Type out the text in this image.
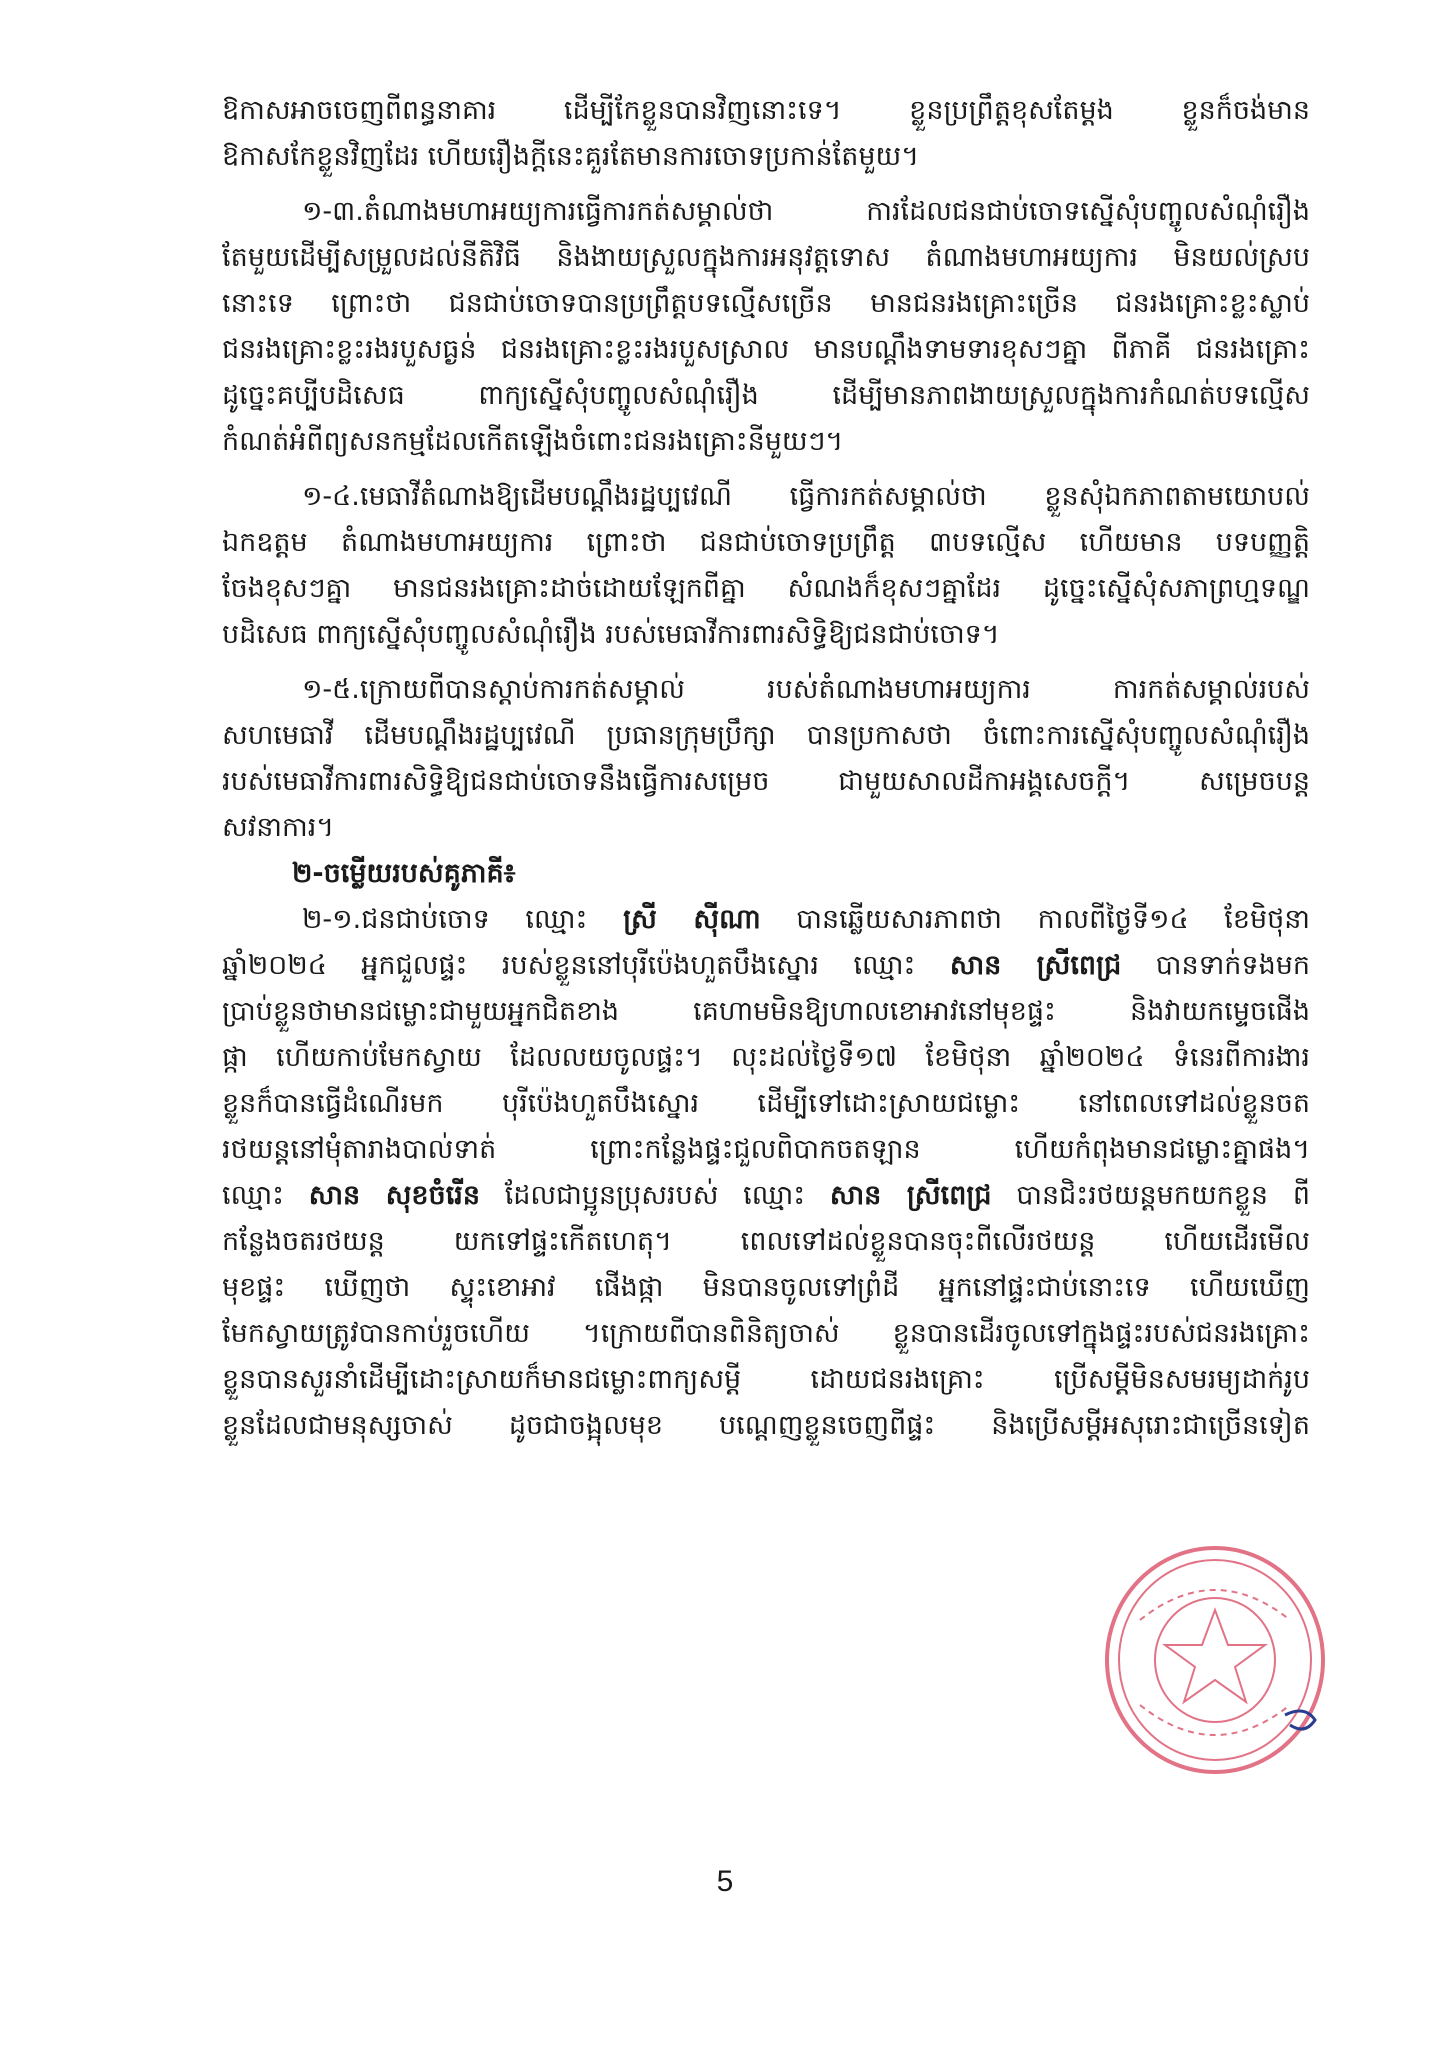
ឱកាសអាចចេញពីពន្ធនាគារ ដើម្បីកែខ្លួនបានវិញនោះទេ។ ខ្លួនប្រព្រឹត្តខុសតែម្តង ខ្លួនក៏ចង់មាន
ឱកាសកែខ្លួនវិញដែរ ហើយរឿងក្តីនេះគួរតែមានការចោទប្រកាន់តែមួយ។
១-៣.តំណាងមហាអយ្យការធ្វើការកត់សម្គាល់ថា ការដែលជនជាប់ចោទស្នើសុំបញ្ចូលសំណុំរឿង
តែមួយដើម្បីសម្រួលដល់នីតិវិធី និងងាយស្រួលក្នុងការអនុវត្តទោស តំណាងមហាអយ្យការ មិនយល់ស្រប
នោះទេ ព្រោះថា ជនជាប់ចោទបានប្រព្រឹត្តបទល្មើសច្រើន មានជនរងគ្រោះច្រើន ជនរងគ្រោះខ្លះស្លាប់
ជនរងគ្រោះខ្លះរងរបួសធ្ងន់ ជនរងគ្រោះខ្លះរងរបួសស្រាល មានបណ្តឹងទាមទារខុសៗគ្នា ពីភាគី ជនរងគ្រោះ
ដូច្នេះគប្បីបដិសេធ ពាក្យស្នើសុំបញ្ចូលសំណុំរឿង ដើម្បីមានភាពងាយស្រួលក្នុងការកំណត់បទល្មើស
កំណត់អំពីព្យសនកម្មដែលកើតឡើងចំពោះជនរងគ្រោះនីមួយៗ។
១-៤.មេធាវីតំណាងឱ្យដើមបណ្តឹងរដ្ឋប្បវេណី ធ្វើការកត់សម្គាល់ថា ខ្លួនសុំឯកភាពតាមយោបល់
ឯកឧត្តម តំណាងមហាអយ្យការ ព្រោះថា ជនជាប់ចោទប្រព្រឹត្ត ៣បទល្មើស ហើយមាន បទបញ្ញត្តិ
ចែងខុសៗគ្នា មានជនរងគ្រោះដាច់ដោយឡែកពីគ្នា សំណងក៏ខុសៗគ្នាដែរ ដូច្នេះស្នើសុំសភាព្រហ្មទណ្ឌ
បដិសេធ ពាក្យស្នើសុំបញ្ចូលសំណុំរឿង របស់មេធាវីការពារសិទ្ធិឱ្យជនជាប់ចោទ។
១-៥.ក្រោយពីបានស្តាប់ការកត់សម្គាល់ របស់តំណាងមហាអយ្យការ ការកត់សម្គាល់របស់
សហមេធាវី ដើមបណ្តឹងរដ្ឋប្បវេណី ប្រធានក្រុមប្រឹក្សា បានប្រកាសថា ចំពោះការស្នើសុំបញ្ចូលសំណុំរឿង
របស់មេធាវីការពារសិទ្ធិឱ្យជនជាប់ចោទនឹងធ្វើការសម្រេច ជាមួយសាលដីកាអង្គសេចក្តី។ សម្រេចបន្ត
សវនាការ។
២-ចម្លើយរបស់គូភាគី៖
២-១.ជនជាប់ចោទ ឈ្មោះ ស្រី ស៊ីណា បានឆ្លើយសារភាពថា កាលពីថ្ងៃទី១៤ ខែមិថុនា
ឆ្នាំ២០២៤ អ្នកជួលផ្ទះ របស់ខ្លួននៅបុរីប៉េងហួតបឹងស្នោរ ឈ្មោះ សាន ស្រីពេជ្រ បានទាក់ទងមក
ប្រាប់ខ្លួនថាមានជម្លោះជាមួយអ្នកជិតខាង គេហាមមិនឱ្យហាលខោអាវនៅមុខផ្ទះ និងវាយកម្ទេចផើង
ផ្កា ហើយកាប់មែកស្វាយ ដែលលយចូលផ្ទះ។ លុះដល់ថ្ងៃទី១៧ ខែមិថុនា ឆ្នាំ២០២៤ ទំនេរពីការងារ
ខ្លួនក៏បានធ្វើដំណើរមក បុរីប៉េងហួតបឹងស្នោរ ដើម្បីទៅដោះស្រាយជម្លោះ នៅពេលទៅដល់ខ្លួនចត
រថយន្តនៅមុំតារាងបាល់ទាត់ ព្រោះកន្លែងផ្ទះជួលពិបាកចតឡាន ហើយកំពុងមានជម្លោះគ្នាផង។
ឈ្មោះ សាន សុខចំរើន ដែលជាប្អូនប្រុសរបស់ ឈ្មោះ សាន ស្រីពេជ្រ បានជិះរថយន្តមកយកខ្លួន ពី
កន្លែងចតរថយន្ត យកទៅផ្ទះកើតហេតុ។ ពេលទៅដល់ខ្លួនបានចុះពីលើរថយន្ត ហើយដើរមើល
មុខផ្ទះ ឃើញថា ស្ទុះខោអាវ ផើងផ្កា មិនបានចូលទៅព្រំដី អ្នកនៅផ្ទះជាប់នោះទេ ហើយឃើញ
មែកស្វាយត្រូវបានកាប់រួចហើយ ។ក្រោយពីបានពិនិត្យចាស់ ខ្លួនបានដើរចូលទៅក្នុងផ្ទះរបស់ជនរងគ្រោះ
ខ្លួនបានសួរនាំដើម្បីដោះស្រាយក៏មានជម្លោះពាក្យសម្តី ដោយជនរងគ្រោះ ប្រើសម្តីមិនសមរម្យដាក់រូប
ខ្លួនដែលជាមនុស្សចាស់ ដូចជាចង្អុលមុខ បណ្តេញខ្លួនចេញពីផ្ទះ និងប្រើសម្តីអសុរោះជាច្រើនទៀត
5
